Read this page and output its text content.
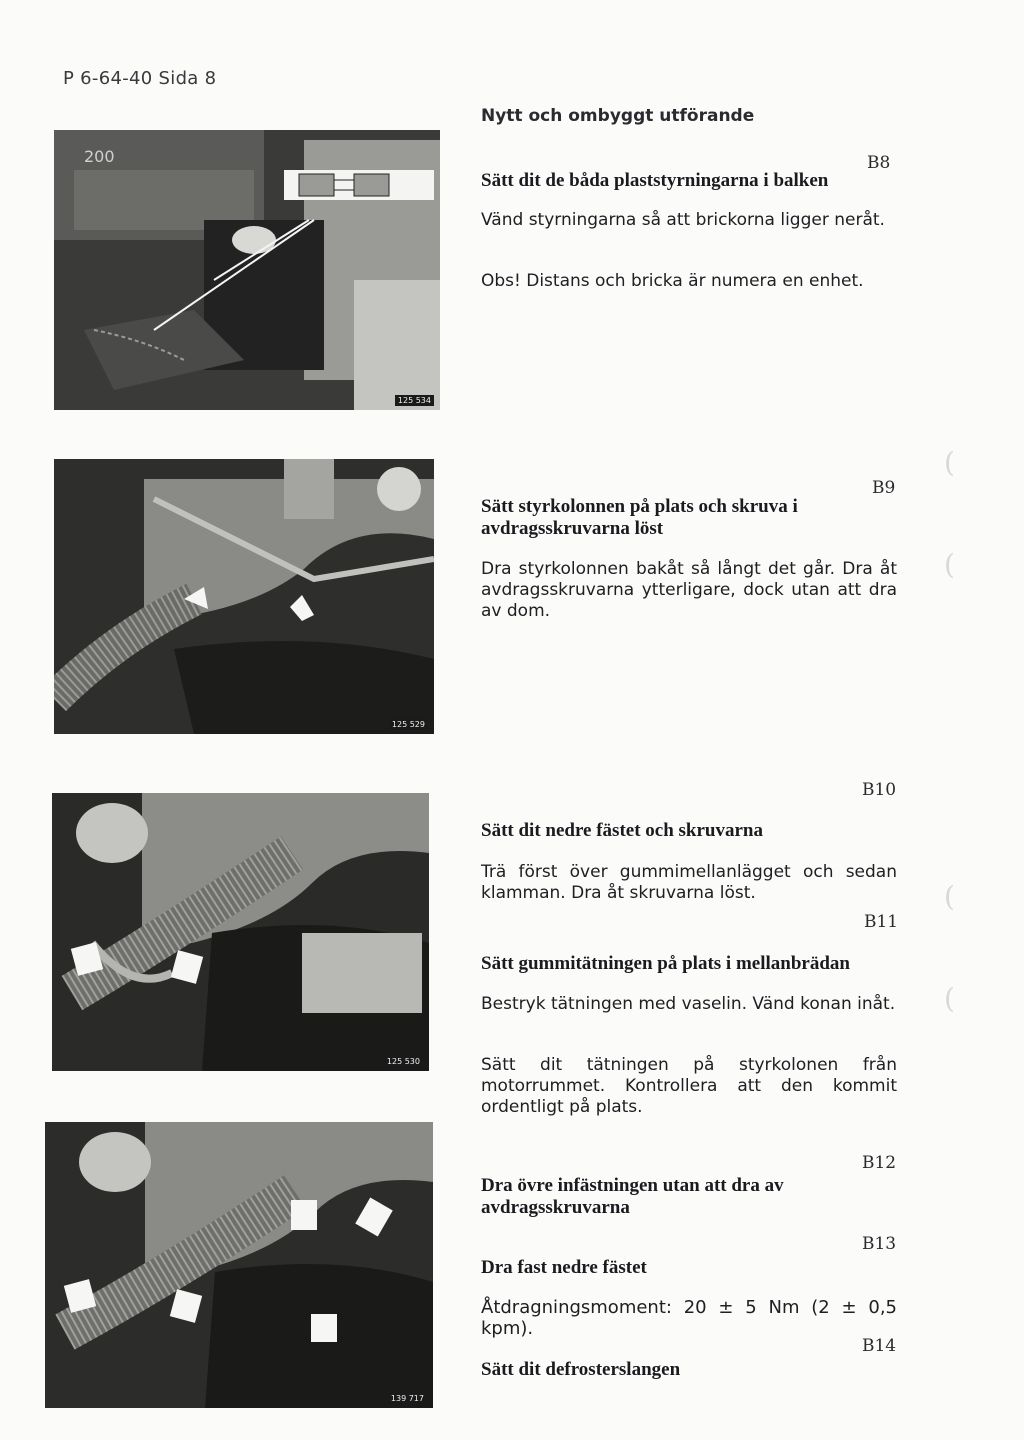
P 6-64-40 Sida 8
Nytt och ombyggt utförande
(
(
(
(
200
125 534
125 529
125 530
139 717
B8
Sätt dit de båda plaststyrningarna i balken
Vänd styrningarna så att brickorna ligger neråt.
Obs! Distans och bricka är numera en enhet.
B9
Sätt styrkolonnen på plats och skruva i avdragsskruvarna löst
Dra styrkolonnen bakåt så långt det går. Dra åt avdragsskruvarna ytterligare, dock utan att dra av dom.
B10
Sätt dit nedre fästet och skruvarna
Trä först över gummimellanlägget och sedan klamman. Dra åt skruvarna löst.
B11
Sätt gummitätningen på plats i mellanbrädan
Bestryk tätningen med vaselin. Vänd konan inåt.
Sätt dit tätningen på styrkolonen från motorrummet. Kontrollera att den kommit ordentligt på plats.
B12
Dra övre infästningen utan att dra av avdragsskruvarna
B13
Dra fast nedre fästet
Åtdragningsmoment: 20 ± 5 Nm (2 ± 0,5 kpm).
B14
Sätt dit defrosterslangen
